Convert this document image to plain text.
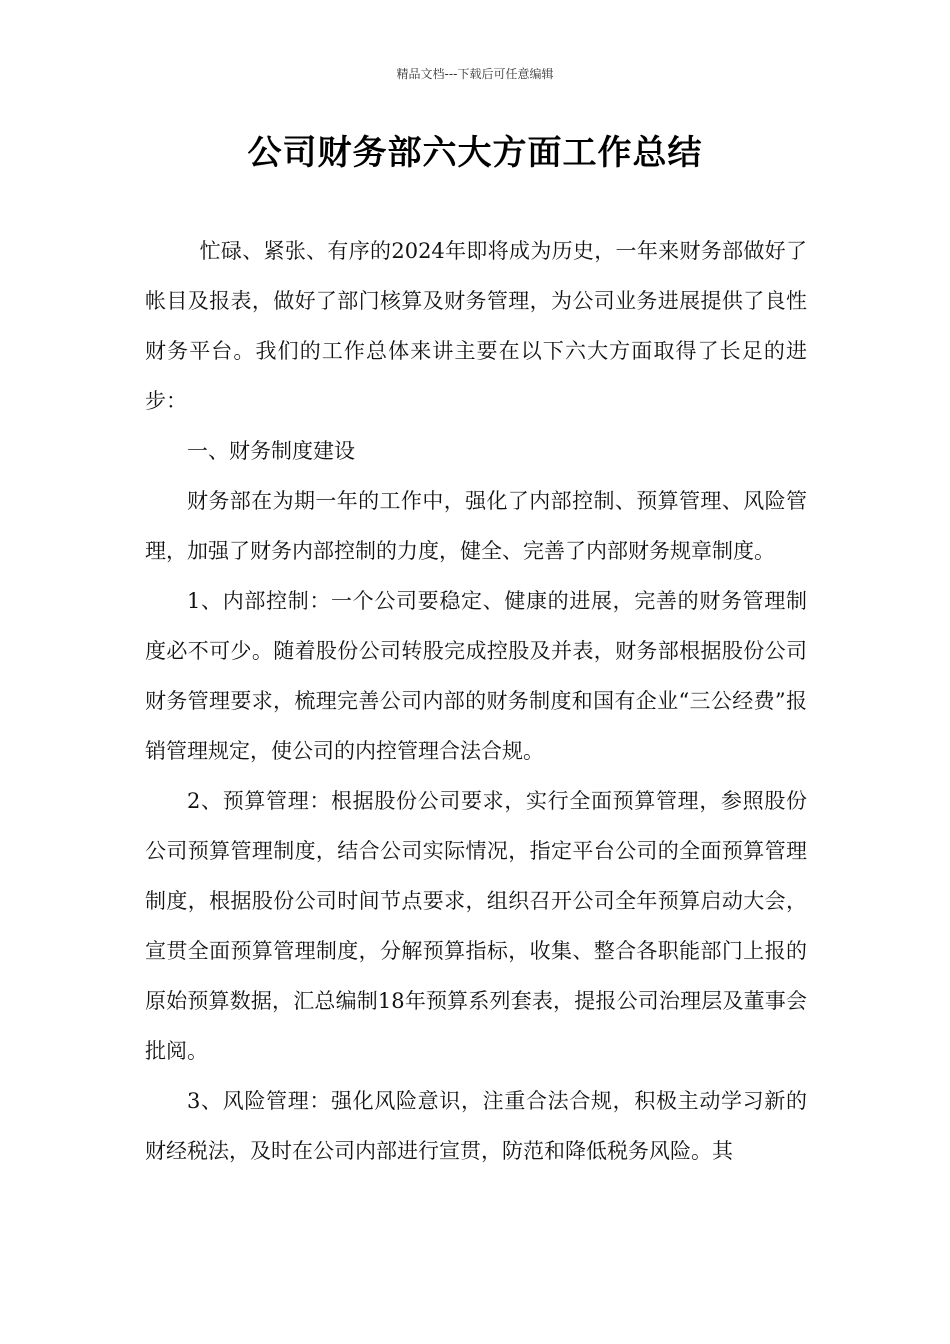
精品文档---下载后可任意编辑
公司财务部六大方面工作总结

忙碌、紧张、有序的2024年即将成为历史，一年来财务部做好了帐目及报表，做好了部门核算及财务管理，为公司业务进展提供了良性财务平台。我们的工作总体来讲主要在以下六大方面取得了长足的进步：

一、财务制度建设

财务部在为期一年的工作中，强化了内部控制、预算管理、风险管理，加强了财务内部控制的力度，健全、完善了内部财务规章制度。

1、内部控制：一个公司要稳定、健康的进展，完善的财务管理制度必不可少。随着股份公司转股完成控股及并表，财务部根据股份公司财务管理要求，梳理完善公司内部的财务制度和国有企业“三公经费”报销管理规定，使公司的内控管理合法合规。

2、预算管理：根据股份公司要求，实行全面预算管理，参照股份公司预算管理制度，结合公司实际情况，指定平台公司的全面预算管理制度，根据股份公司时间节点要求，组织召开公司全年预算启动大会，宣贯全面预算管理制度，分解预算指标，收集、整合各职能部门上报的原始预算数据，汇总编制18年预算系列套表，提报公司治理层及董事会批阅。

3、风险管理：强化风险意识，注重合法合规，积极主动学习新的财经税法，及时在公司内部进行宣贯，防范和降低税务风险。其
